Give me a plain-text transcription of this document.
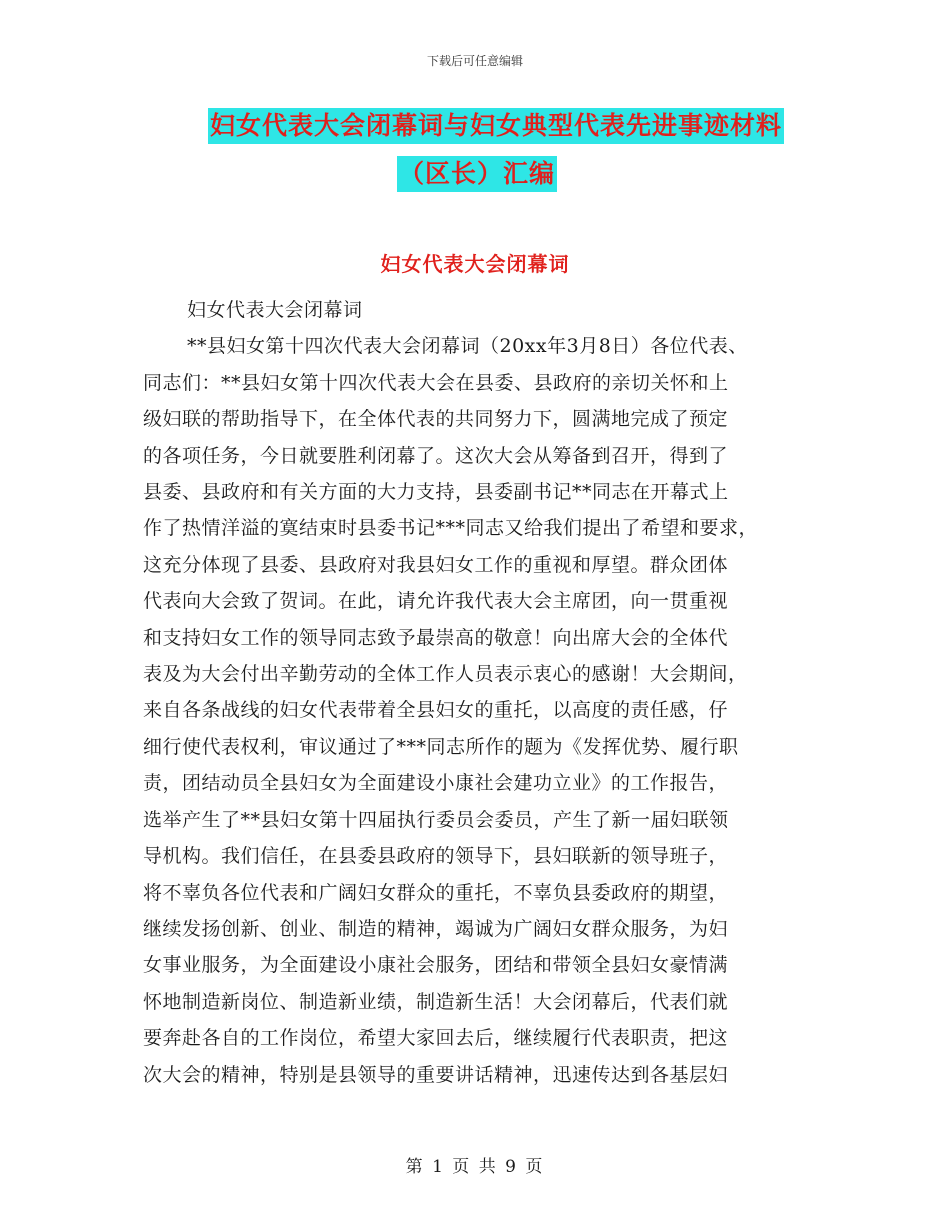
下载后可任意编辑
妇女代表大会闭幕词与妇女典型代表先进事迹材料
（区长）汇编
妇女代表大会闭幕词
妇女代表大会闭幕词
**县妇女第十四次代表大会闭幕词（20xx年3月8日）各位代表、
同志们：**县妇女第十四次代表大会在县委、县政府的亲切关怀和上
级妇联的帮助指导下，在全体代表的共同努力下，圆满地完成了预定
的各项任务，今日就要胜利闭幕了。这次大会从筹备到召开，得到了
县委、县政府和有关方面的大力支持，县委副书记**同志在开幕式上
作了热情洋溢的寞结束时县委书记***同志又给我们提出了希望和要求，
这充分体现了县委、县政府对我县妇女工作的重视和厚望。群众团体
代表向大会致了贺词。在此，请允许我代表大会主席团，向一贯重视
和支持妇女工作的领导同志致予最崇高的敬意！向出席大会的全体代
表及为大会付出辛勤劳动的全体工作人员表示衷心的感谢！大会期间，
来自各条战线的妇女代表带着全县妇女的重托，以高度的责任感，仔
细行使代表权利，审议通过了***同志所作的题为《发挥优势、履行职
责，团结动员全县妇女为全面建设小康社会建功立业》的工作报告，
选举产生了**县妇女第十四届执行委员会委员，产生了新一届妇联领
导机构。我们信任，在县委县政府的领导下，县妇联新的领导班子，
将不辜负各位代表和广阔妇女群众的重托，不辜负县委政府的期望，
继续发扬创新、创业、制造的精神，竭诚为广阔妇女群众服务，为妇
女事业服务，为全面建设小康社会服务，团结和带领全县妇女豪情满
怀地制造新岗位、制造新业绩，制造新生活！大会闭幕后，代表们就
要奔赴各自的工作岗位，希望大家回去后，继续履行代表职责，把这
次大会的精神，特别是县领导的重要讲话精神，迅速传达到各基层妇
第 1 页 共 9 页
